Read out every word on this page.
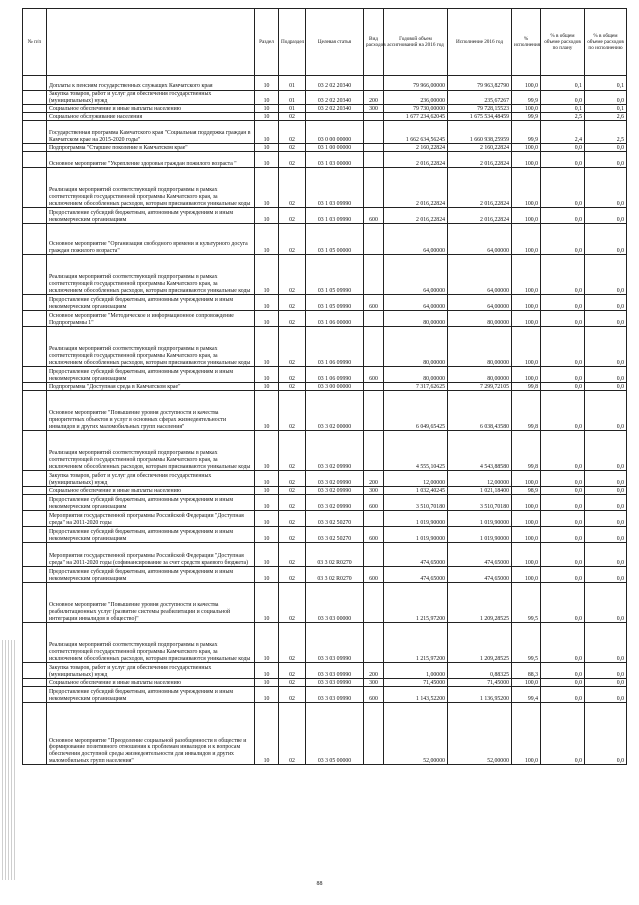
№ п/п		Раздел	Подраздел	Целевая статья	Вид расходов	Годовой объем ассигнований на 2016 год	Исполнение 2016 год	% исполнения	% в общем объеме расходов по плану	% в общем объеме расходов по исполнению
	Доплаты к пенсиям государственных служащих Камчатского края	10	01	03 2 02 20340		79 966,00000	79 963,82790	100,0	0,1	0,1
	Закупка товаров, работ и услуг для обеспечения государственных (муниципальных) нужд	10	01	03 2 02 20340	200	236,00000	235,67267	99,9	0,0	0,0
	Социальное обеспечение и иные выплаты населению	10	01	03 2 02 20340	300	79 730,00000	79 728,15523	100,0	0,1	0,1
	Социальное обслуживание населения	10	02			1 677 234,62045	1 675 534,48459	99,9	2,5	2,6
	Государственная программа Камчатского края "Социальная поддержка граждан в Камчатском крае на 2015-2020 годы"	10	02	03 0 00 00000		1 662 634,56245	1 660 938,25959	99,9	2,4	2,5
	Подпрограмма "Старшее поколение в Камчатском крае"	10	02	03 1 00 00000		2 160,22824	2 160,22824	100,0	0,0	0,0
	Основное мероприятие "Укрепление здоровья граждан пожилого возраста "	10	02	03 1 03 00000		2 016,22824	2 016,22824	100,0	0,0	0,0
	Реализация мероприятий соответствующей подпрограммы в рамках соответствующей государственной программы Камчатского края, за исключением обособленных расходов, которым присваиваются уникальные коды	10	02	03 1 03 09990		2 016,22824	2 016,22824	100,0	0,0	0,0
	Предоставление субсидий бюджетным, автономным учреждениям и иным некоммерческим организациям	10	02	03 1 03 09990	600	2 016,22824	2 016,22824	100,0	0,0	0,0
	Основное мероприятие "Организация свободного времени и культурного досуга граждан пожилого возраста"	10	02	03 1 05 00000		64,00000	64,00000	100,0	0,0	0,0
	Реализация мероприятий соответствующей подпрограммы в рамках соответствующей государственной программы Камчатского края, за исключением обособленных расходов, которым присваиваются уникальные коды	10	02	03 1 05 09990		64,00000	64,00000	100,0	0,0	0,0
	Предоставление субсидий бюджетным, автономным учреждениям и иным некоммерческим организациям	10	02	03 1 05 09990	600	64,00000	64,00000	100,0	0,0	0,0
	Основное мероприятие "Методическое и информационное сопровождение Подпрограммы 1"	10	02	03 1 06 00000		80,00000	80,00000	100,0	0,0	0,0
	Реализация мероприятий соответствующей подпрограммы в рамках соответствующей государственной программы Камчатского края, за исключением обособленных расходов, которым присваиваются уникальные коды	10	02	03 1 06 09990		80,00000	80,00000	100,0	0,0	0,0
	Предоставление субсидий бюджетным, автономным учреждениям и иным некоммерческим организациям	10	02	03 1 06 09990	600	80,00000	80,00000	100,0	0,0	0,0
	Подпрограмма "Доступная среда в Камчатском крае"	10	02	03 3 00 00000		7 317,62625	7 299,72105	99,8	0,0	0,0
	Основное мероприятие "Повышение уровня доступности и качества приоритетных объектов и услуг в основных сферах жизнедеятельности инвалидов и других маломобильных групп населения"	10	02	03 3 02 00000		6 049,65425	6 038,43580	99,8	0,0	0,0
	Реализация мероприятий соответствующей подпрограммы в рамках соответствующей государственной программы Камчатского края, за исключением обособленных расходов, которым присваиваются уникальные коды	10	02	03 3 02 09990		4 555,10425	4 543,88580	99,8	0,0	0,0
	Закупка товаров, работ и услуг для обеспечения государственных (муниципальных) нужд	10	02	03 3 02 09990	200	12,00000	12,00000	100,0	0,0	0,0
	Социальное обеспечение и иные выплаты населению	10	02	03 3 02 09990	300	1 032,40245	1 021,18400	98,9	0,0	0,0
	Предоставление субсидий бюджетным, автономным учреждениям и иным некоммерческим организациям	10	02	03 3 02 09990	600	3 510,70180	3 510,70180	100,0	0,0	0,0
	Мероприятия государственной программы Российской Федерации "Доступная среда" на 2011-2020 годы	10	02	03 3 02 50270		1 019,90000	1 019,90000	100,0	0,0	0,0
	Предоставление субсидий бюджетным, автономным учреждениям и иным некоммерческим организациям	10	02	03 3 02 50270	600	1 019,90000	1 019,90000	100,0	0,0	0,0
	Мероприятия государственной программы Российской Федерации "Доступная среда" на 2011-2020 годы (софинансирование за счет средств краевого бюджета)	10	02	03 3 02 R0270		474,65000	474,65000	100,0	0,0	0,0
	Предоставление субсидий бюджетным, автономным учреждениям и иным некоммерческим организациям	10	02	03 3 02 R0270	600	474,65000	474,65000	100,0	0,0	0,0
	Основное мероприятие "Повышение уровня доступности и качества реабилитационных услуг (развитие системы реабилитации и социальной интеграции инвалидов в общество)"	10	02	03 3 03 00000		1 215,97200	1 209,28525	99,5	0,0	0,0
	Реализация мероприятий соответствующей подпрограммы в рамках соответствующей государственной программы Камчатского края, за исключением обособленных расходов, которым присваиваются уникальные коды	10	02	03 3 03 09990		1 215,97200	1 209,28525	99,5	0,0	0,0
	Закупка товаров, работ и услуг для обеспечения государственных (муниципальных) нужд	10	02	03 3 03 09990	200	1,00000	0,88325	88,3	0,0	0,0
	Социальное обеспечение и иные выплаты населению	10	02	03 3 03 09990	300	71,45000	71,45000	100,0	0,0	0,0
	Предоставление субсидий бюджетным, автономным учреждениям и иным некоммерческим организациям	10	02	03 3 03 09990	600	1 143,52200	1 136,95200	99,4	0,0	0,0
	Основное мероприятие "Преодоление социальной разобщенности в обществе и формирование позитивного отношения к проблемам инвалидов и к вопросам обеспечения доступной среды жизнедеятельности для инвалидов и других маломобильных групп населения"	10	02	03 3 05 00000		52,00000	52,00000	100,0	0,0	0,0
88
